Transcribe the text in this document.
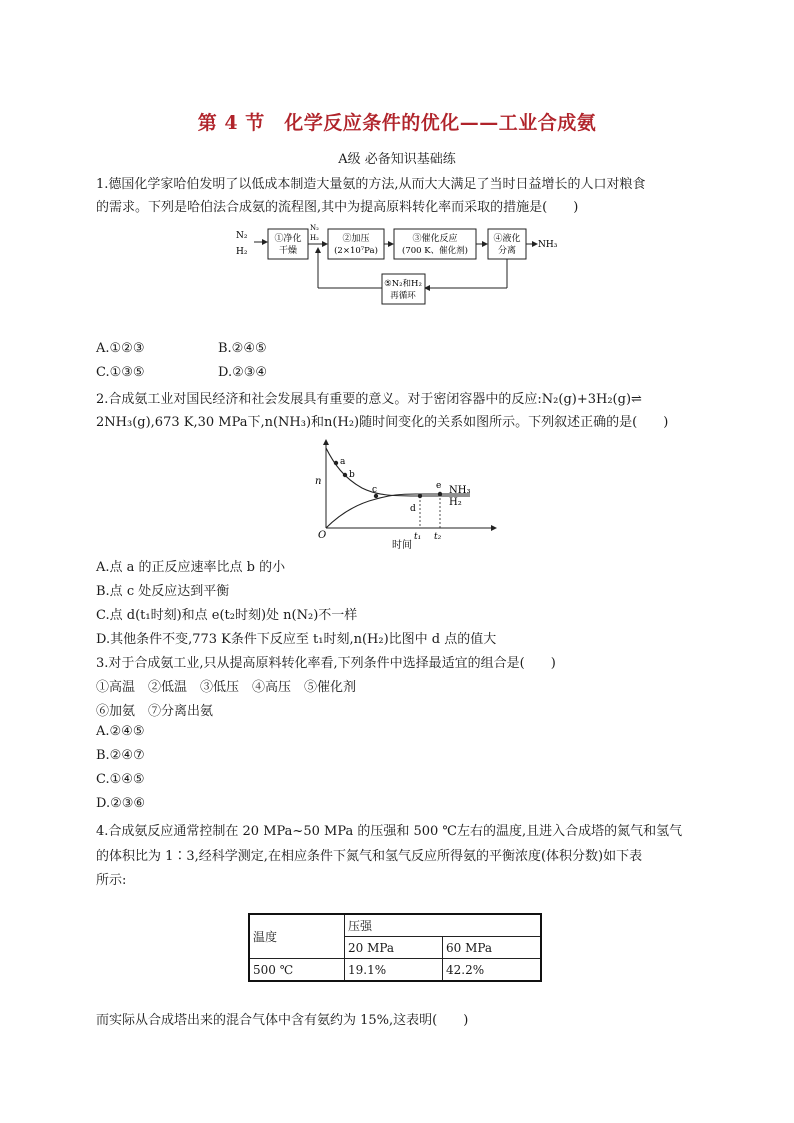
第 4 节　化学反应条件的优化——工业合成氨
A级 必备知识基础练
1.德国化学家哈伯发明了以低成本制造大量氨的方法,从而大大满足了当时日益增长的人口对粮食
的需求。下列是哈伯法合成氨的流程图,其中为提高原料转化率而采取的措施是(　　)
N₂
H₂
①净化
干燥
N₂
H₂	②加压
(2×10⁷Pa)
③催化反应
(700 K、催化剂)
④液化
分离
NH₃
⑤N₂和H₂
再循环
A.①②③	B.②④⑤
C.①③⑤	D.②③④
2.合成氨工业对国民经济和社会发展具有重要的意义。对于密闭容器中的反应:N₂(g)+3H₂(g)⇌
2NH₃(g),673 K,30 MPa下,n(NH₃)和n(H₂)随时间变化的关系如图所示。下列叙述正确的是(　　)
n
O
时间
a
b
c
d
e
t₁ t₂
NH₃
H₂
A.点 a 的正反应速率比点 b 的小
B.点 c 处反应达到平衡
C.点 d(t₁时刻)和点 e(t₂时刻)处 n(N₂)不一样
D.其他条件不变,773 K条件下反应至 t₁时刻,n(H₂)比图中 d 点的值大
3.对于合成氨工业,只从提高原料转化率看,下列条件中选择最适宜的组合是(　　)
①高温　②低温　③低压　④高压　⑤催化剂
⑥加氨　⑦分离出氨
A.②④⑤
B.②④⑦
C.①④⑤
D.②③⑥
4.合成氨反应通常控制在 20 MPa~50 MPa 的压强和 500 ℃左右的温度,且进入合成塔的氮气和氢气
的体积比为 1∶3,经科学测定,在相应条件下氮气和氢气反应所得氨的平衡浓度(体积分数)如下表
所示:
温度	压强	
	20 MPa	60 MPa
500 ℃	19.1%	42.2%
而实际从合成塔出来的混合气体中含有氨约为 15%,这表明(　　)
